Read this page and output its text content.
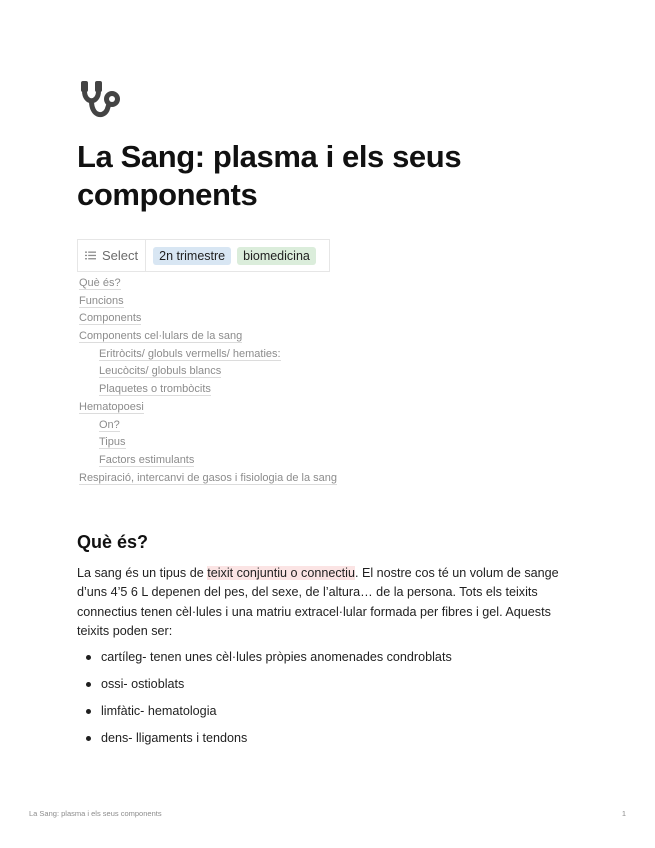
La Sang: plasma i els seus components
Select	2n trimestre	biomedicina
Què és?
Funcions
Components
Components cel·lulars de la sang
Eritròcits/ globuls vermells/ hematies:
Leucòcits/ globuls blancs
Plaquetes o trombòcits
Hematopoesi
On?
Tipus
Factors estimulants
Respiració, intercanvi de gasos i fisiologia de la sang
Què és?

La sang és un tipus de teixit conjuntiu o connectiu. El nostre cos té un volum de sange d’uns 4’5 6 L depenen del pes, del sexe, de l’altura… de la persona. Tots els teixits connectius tenen cèl·lules i una matriu extracel·lular formada per fibres i gel. Aquests teixits poden ser:

cartíleg- tenen unes cèl·lules pròpies anomenades condroblats
ossi- ostioblats
limfàtic- hematologia
dens- lligaments i tendons
La Sang: plasma i els seus components	1
